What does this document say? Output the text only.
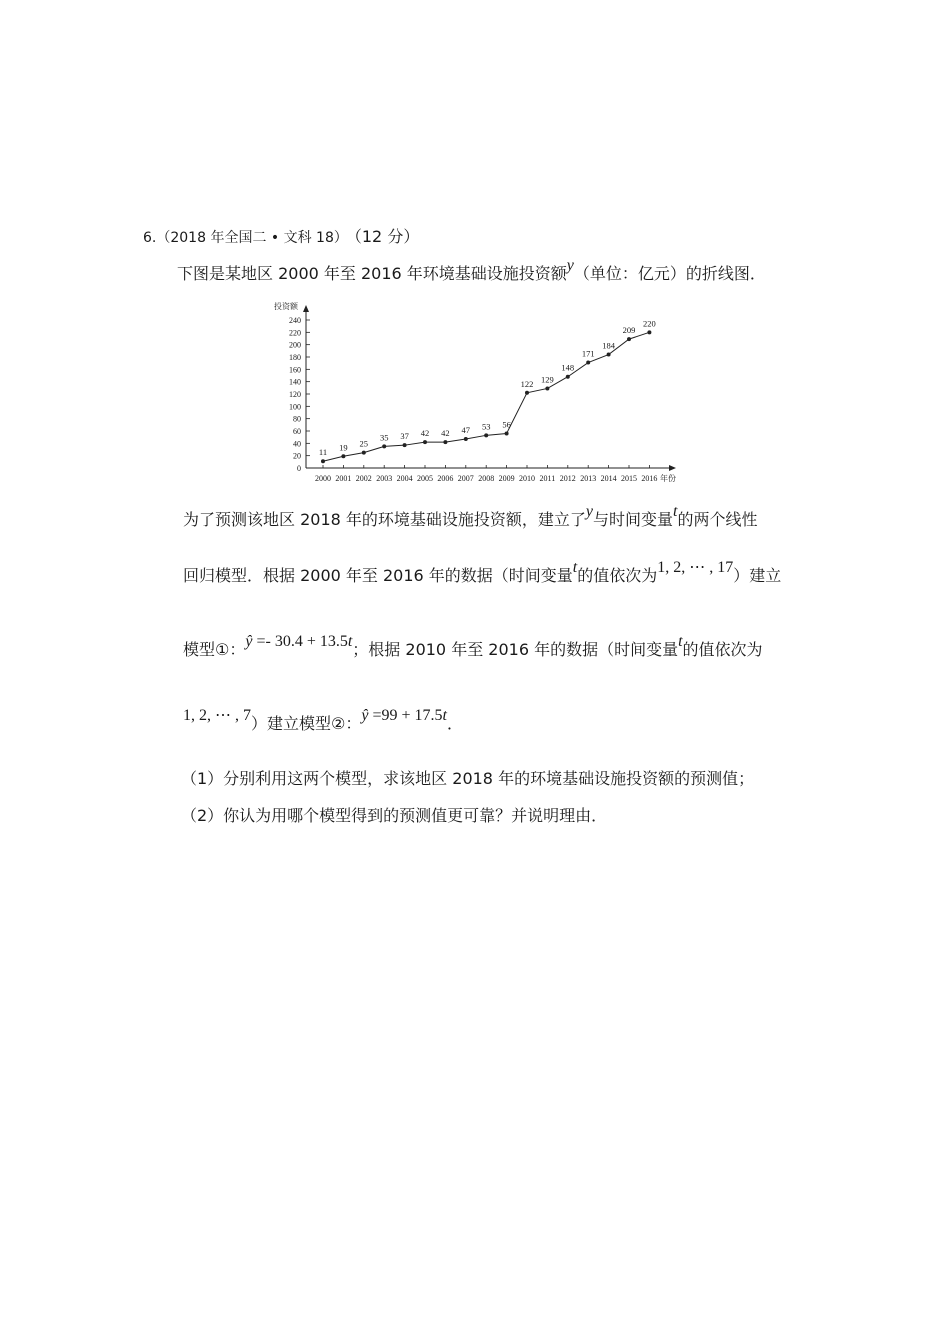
6.（2018 年全国二 • 文科 18） （12 分）
下图是某地区 2000 年至 2016 年环境基础设施投资额y（单位：亿元）的折线图．
投资额
年份
0
20
40
60
80
100
120
140
160
180
200
220
240
2000 2001 2002 2003 2004 2005 2006 2007 2008 2009 2010 2011 2012 2013 2014 2015 2016
11 19 25
35 37 42 42 47 53 56
122 129
148
171
184
209
220
为了预测该地区 2018 年的环境基础设施投资额，建立了y与时间变量t的两个线性
回归模型．根据 2000 年至 2016 年的数据（时间变量t的值依次为1, 2, ⋯ , 17）建立
模型①：ŷ =- 30.4 + 13.5t；根据 2010 年至 2016 年的数据（时间变量t的值依次为
1, 2, ⋯ , 7）建立模型②：ŷ =99 + 17.5t．
（1）分别利用这两个模型，求该地区 2018 年的环境基础设施投资额的预测值；
（2）你认为用哪个模型得到的预测值更可靠？并说明理由．
